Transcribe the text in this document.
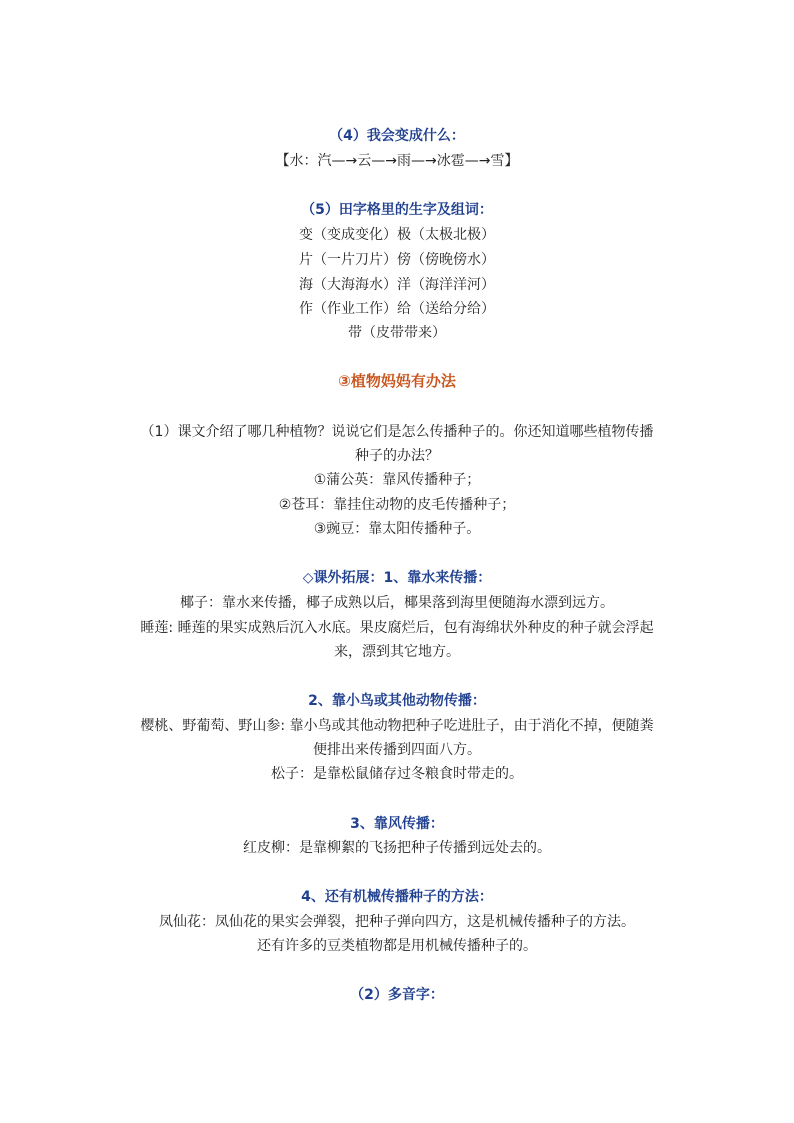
（4）我会变成什么：
【水：汽—→云—→雨—→冰雹—→雪】
（5）田字格里的生字及组词：
变（变成变化）极（太极北极）
片（一片刀片）傍（傍晚傍水）
海（大海海水）洋（海洋洋河）
作（作业工作）给（送给分给）
带（皮带带来）
③植物妈妈有办法
（1）课文介绍了哪几种植物？说说它们是怎么传播种子的。你还知道哪些植物传播
种子的办法？
①蒲公英：靠风传播种子；
②苍耳：靠挂住动物的皮毛传播种子；
③豌豆：靠太阳传播种子。
◇课外拓展：1、靠水来传播：
椰子：靠水来传播，椰子成熟以后，椰果落到海里便随海水漂到远方。
睡莲: 睡莲的果实成熟后沉入水底。果皮腐烂后，包有海绵状外种皮的种子就会浮起
来，漂到其它地方。
2、靠小鸟或其他动物传播：
樱桃、野葡萄、野山参: 靠小鸟或其他动物把种子吃进肚子，由于消化不掉，便随粪
便排出来传播到四面八方。
松子：是靠松鼠储存过冬粮食时带走的。
3、靠风传播：
红皮柳：是靠柳絮的飞扬把种子传播到远处去的。
4、还有机械传播种子的方法：
凤仙花：凤仙花的果实会弹裂，把种子弹向四方，这是机械传播种子的方法。
还有许多的豆类植物都是用机械传播种子的。
（2）多音字：
